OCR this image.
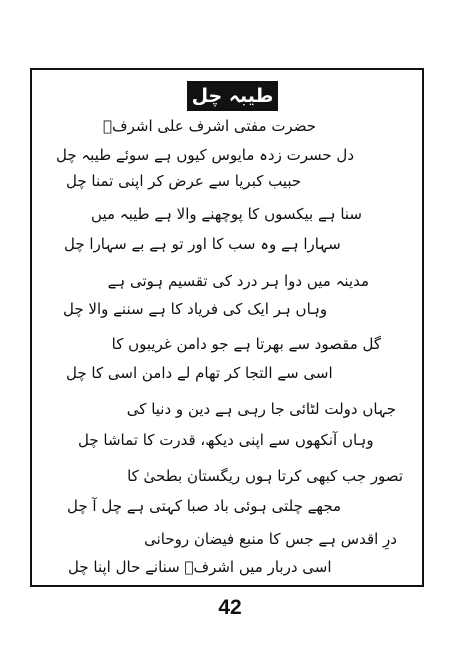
طیبہ چل
حضرت مفتی اشرف علی اشرفؔ
دل حسرت زدہ مایوس کیوں ہے سوئے طیبہ چل
حبیب کبریا سے عرض کر اپنی تمنا چل
سنا ہے بیکسوں کا پوچھنے والا ہے طیبہ میں
سہارا ہے وہ سب کا اور تو ہے بے سہارا چل
مدینہ میں دوا ہر درد کی تقسیم ہوتی ہے
وہاں ہر ایک کی فریاد کا ہے سننے والا چل
گل مقصود سے بھرتا ہے جو دامن غریبوں کا
اسی سے التجا کر تھام لے دامن اسی کا چل
جہاں دولت لٹائی جا رہی ہے دین و دنیا کی
وہاں آنکھوں سے اپنی دیکھ، قدرت کا تماشا چل
تصور جب کبھی کرتا ہوں ریگستان بطحیٰ کا
مجھے چلتی ہوئی باد صبا کہتی ہے چل آ چل
درِ اقدس ہے جس کا منبع فیضان روحانی
اسی دربار میں اشرفؔ سنانے حال اپنا چل
42
